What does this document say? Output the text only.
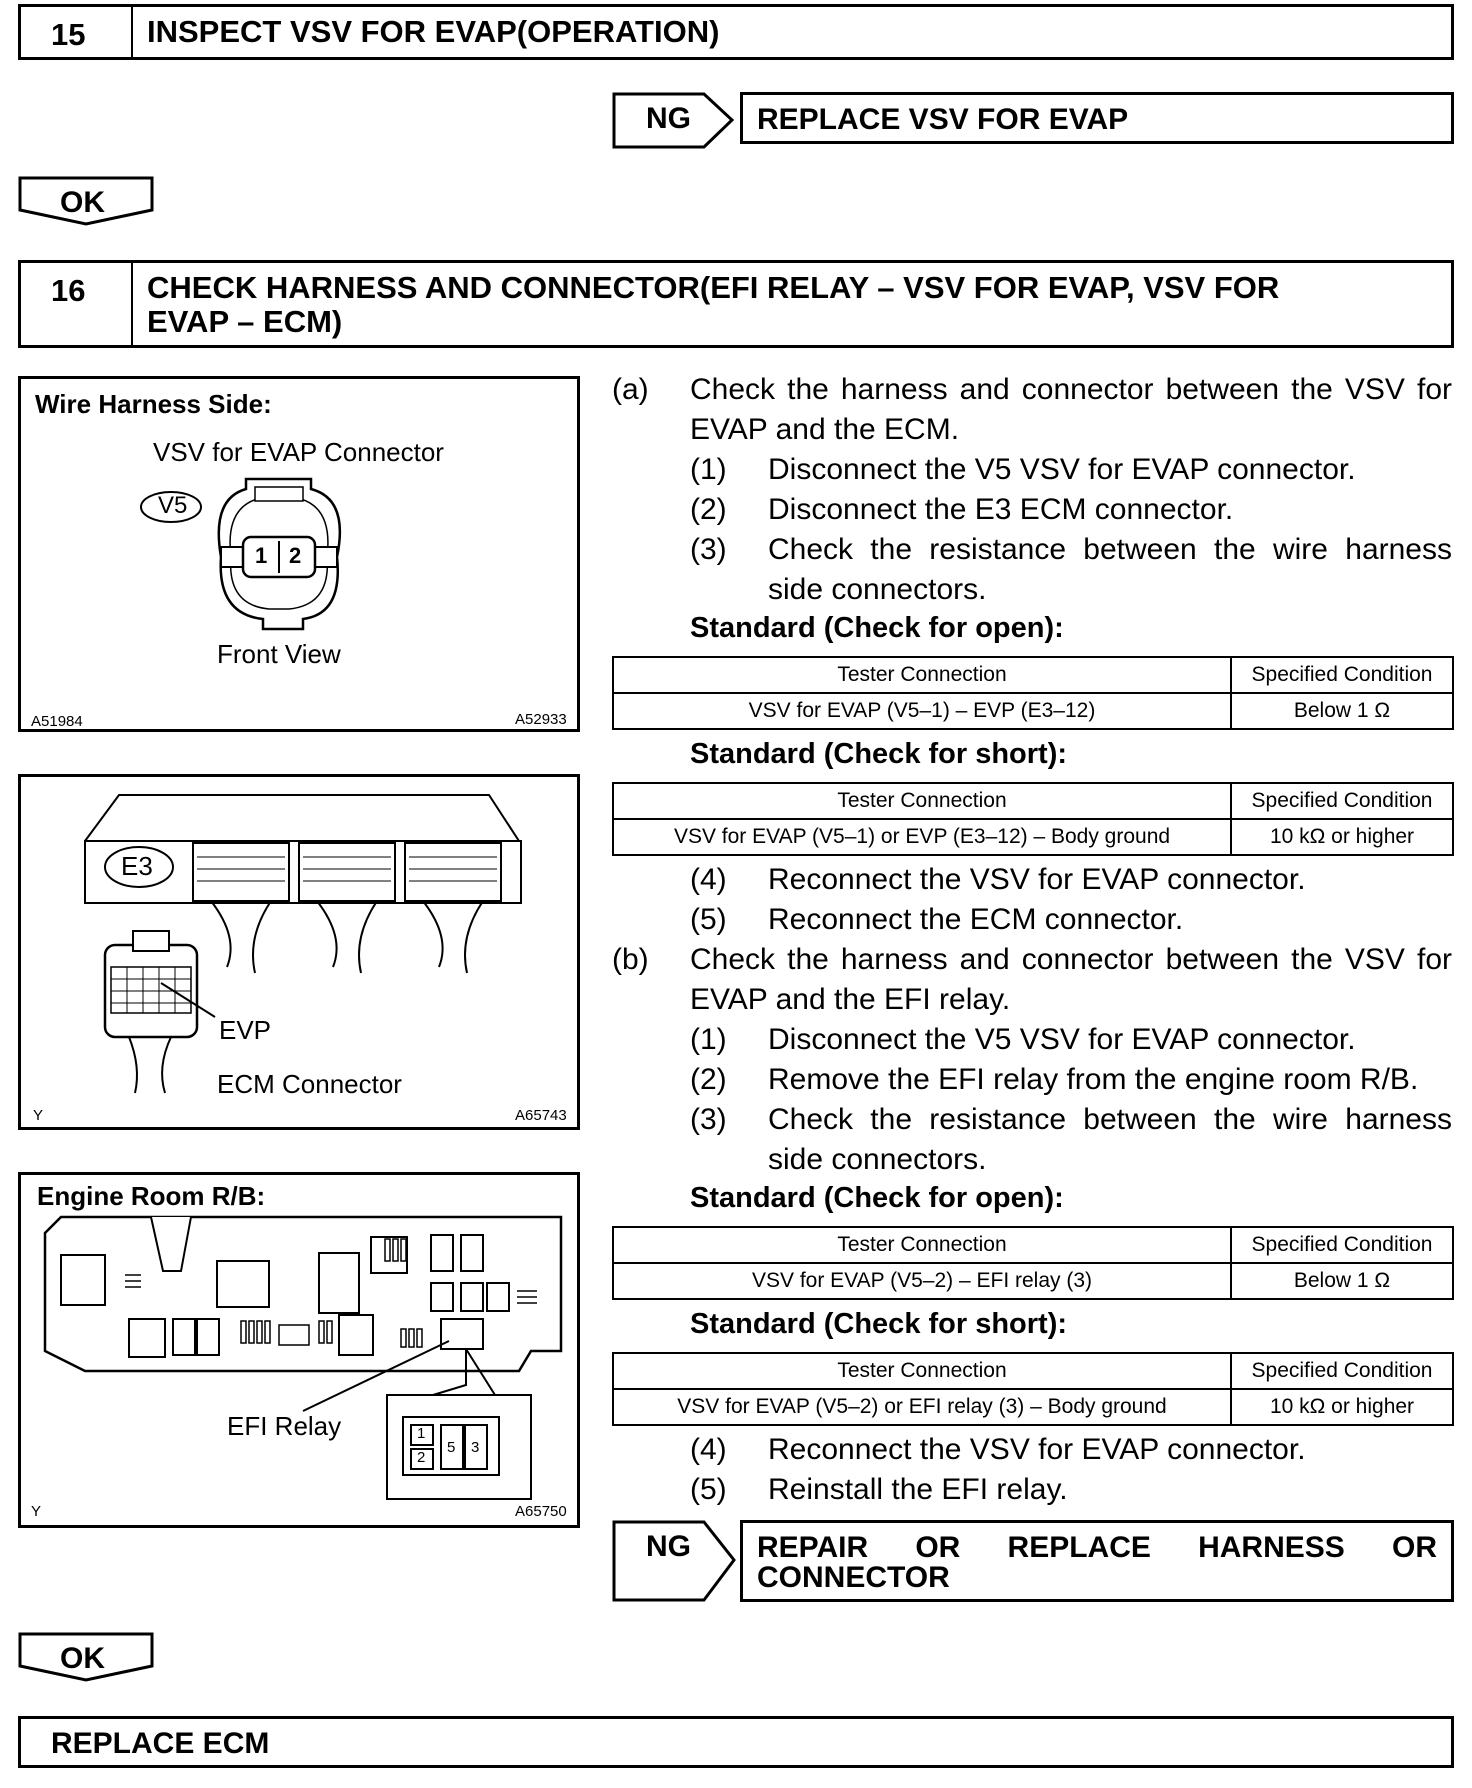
15	INSPECT VSV FOR EVAP(OPERATION)
NG	REPLACE VSV FOR EVAP
OK
16	CHECK HARNESS AND CONNECTOR(EFI RELAY – VSV FOR EVAP, VSV FOR
EVAP – ECM)
Wire Harness Side:
VSV for EVAP Connector
V5
1 2
Front View
A51984	A52933
E3
EVP
ECM Connector
Y	A65743
Engine Room R/B:
EFI Relay	1
2
5 3
Y	A65750
(a) Check the harness and connector between the VSV for
EVAP and the ECM.
(1) Disconnect the V5 VSV for EVAP connector.
(2) Disconnect the E3 ECM connector.
(3) Check the resistance between the wire harness
side connectors.
Standard (Check for open):
Tester Connection	Specified Condition
VSV for EVAP (V5–1) – EVP (E3–12)	Below 1 Ω
Standard (Check for short):
Tester Connection	Specified Condition
VSV for EVAP (V5–1) or EVP (E3–12) – Body ground	10 kΩ or higher
(4) Reconnect the VSV for EVAP connector.
(5) Reconnect the ECM connector.
(b) Check the harness and connector between the VSV for
EVAP and the EFI relay.
(1) Disconnect the V5 VSV for EVAP connector.
(2) Remove the EFI relay from the engine room R/B.
(3) Check the resistance between the wire harness
side connectors.
Standard (Check for open):
Tester Connection	Specified Condition
VSV for EVAP (V5–2) – EFI relay (3)	Below 1 Ω
Standard (Check for short):
Tester Connection	Specified Condition
VSV for EVAP (V5–2) or EFI relay (3) – Body ground	10 kΩ or higher
(4) Reconnect the VSV for EVAP connector.
(5) Reinstall the EFI relay.
NG REPAIR OR REPLACE HARNESS OR
CONNECTOR
OK
REPLACE ECM
